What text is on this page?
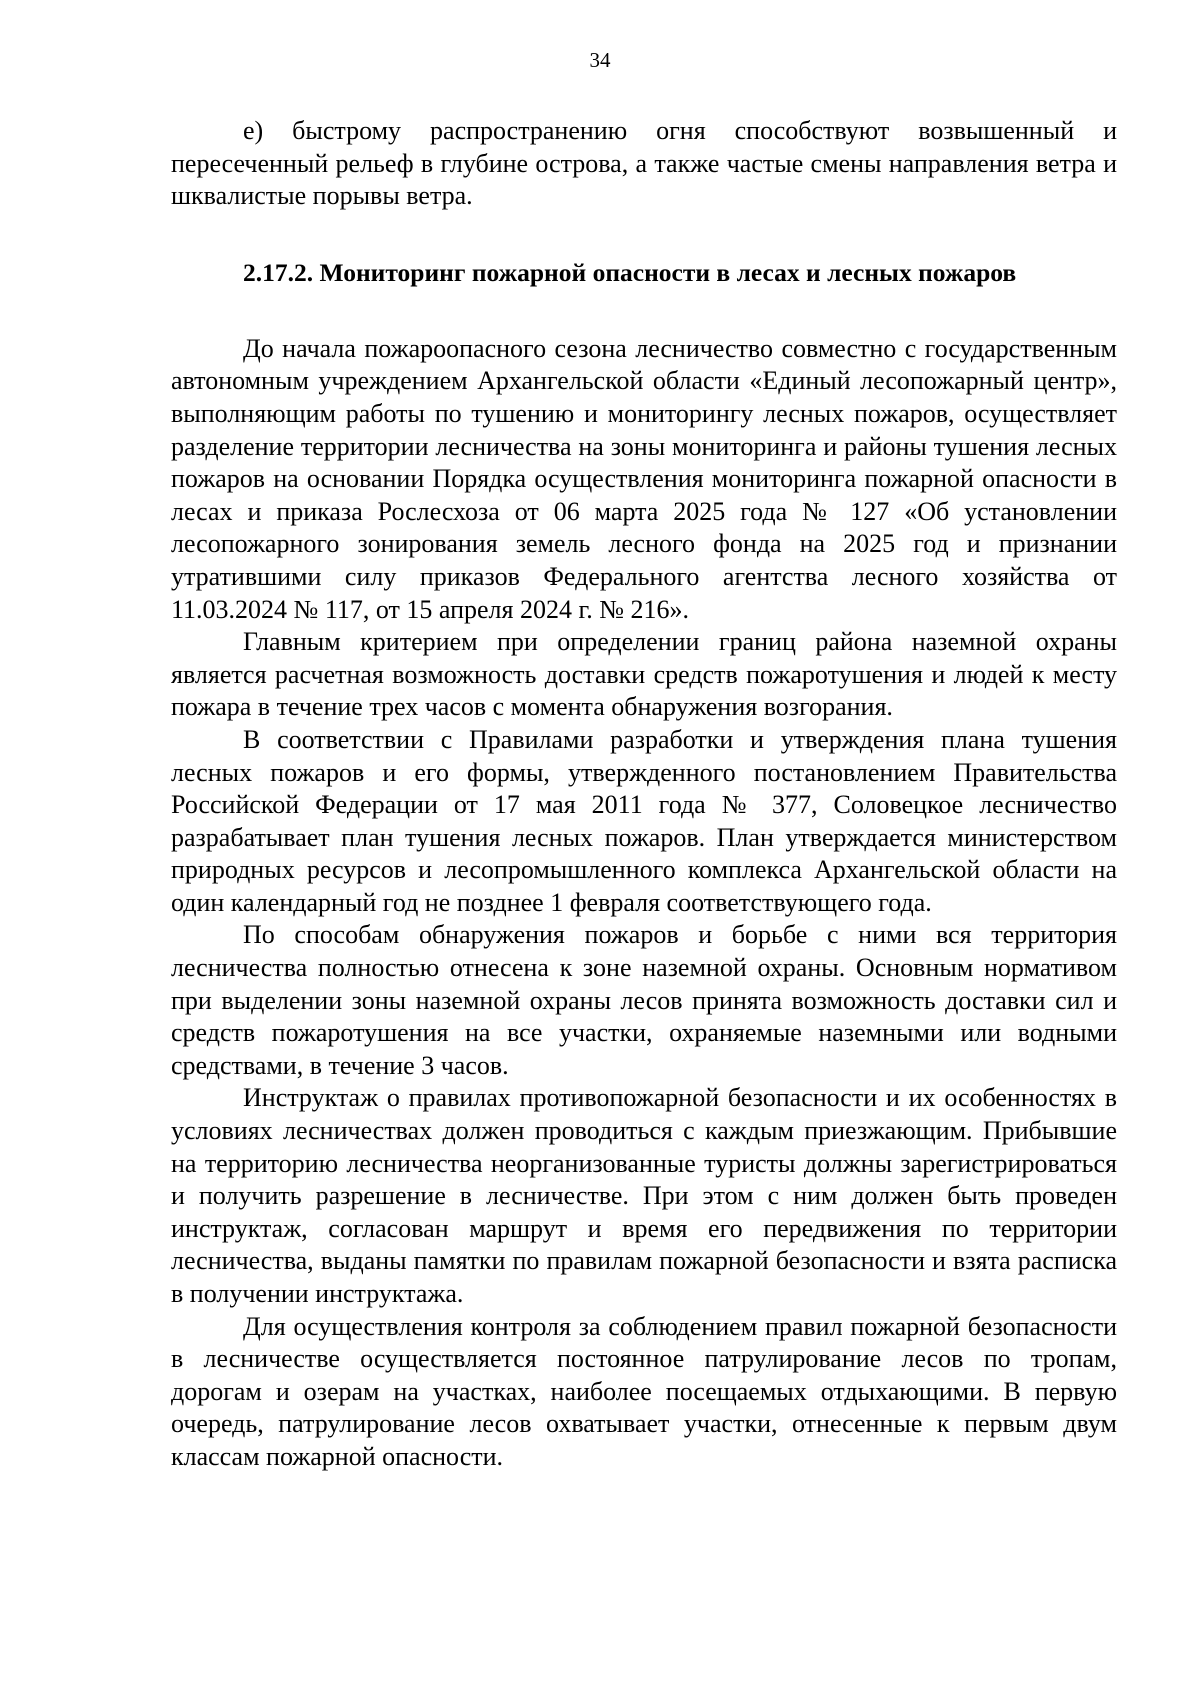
34

е) быстрому распространению огня способствуют возвышенный и пересеченный рельеф в глубине острова, а также частые смены направления ветра и шквалистые порывы ветра.

2.17.2. Мониторинг пожарной опасности в лесах и лесных пожаров

До начала пожароопасного сезона лесничество совместно с государственным автономным учреждением Архангельской области «Единый лесопожарный центр», выполняющим работы по тушению и мониторингу лесных пожаров, осуществляет разделение территории лесничества на зоны мониторинга и районы тушения лесных пожаров на основании Порядка осуществления мониторинга пожарной опасности в лесах и приказа Рослесхоза от 06 марта 2025 года № 127 «Об установлении лесопожарного зонирования земель лесного фонда на 2025 год и признании утратившими силу приказов Федерального агентства лесного хозяйства от 11.03.2024 № 117, от 15 апреля 2024 г. № 216».

Главным критерием при определении границ района наземной охраны является расчетная возможность доставки средств пожаротушения и людей к месту пожара в течение трех часов с момента обнаружения возгорания.

В соответствии с Правилами разработки и утверждения плана тушения лесных пожаров и его формы, утвержденного постановлением Правительства Российской Федерации от 17 мая 2011 года № 377, Соловецкое лесничество разрабатывает план тушения лесных пожаров. План утверждается министерством природных ресурсов и лесопромышленного комплекса Архангельской области на один календарный год не позднее 1 февраля соответствующего года.

По способам обнаружения пожаров и борьбе с ними вся территория лесничества полностью отнесена к зоне наземной охраны. Основным нормативом при выделении зоны наземной охраны лесов принята возможность доставки сил и средств пожаротушения на все участки, охраняемые наземными или водными средствами, в течение 3 часов.

Инструктаж о правилах противопожарной безопасности и их особенностях в условиях лесничествах должен проводиться с каждым приезжающим. Прибывшие на территорию лесничества неорганизованные туристы должны зарегистрироваться и получить разрешение в лесничестве. При этом с ним должен быть проведен инструктаж, согласован маршрут и время его передвижения по территории лесничества, выданы памятки по правилам пожарной безопасности и взята расписка в получении инструктажа.

Для осуществления контроля за соблюдением правил пожарной безопасности в лесничестве осуществляется постоянное патрулирование лесов по тропам, дорогам и озерам на участках, наиболее посещаемых отдыхающими. В первую очередь, патрулирование лесов охватывает участки, отнесенные к первым двум классам пожарной опасности.
